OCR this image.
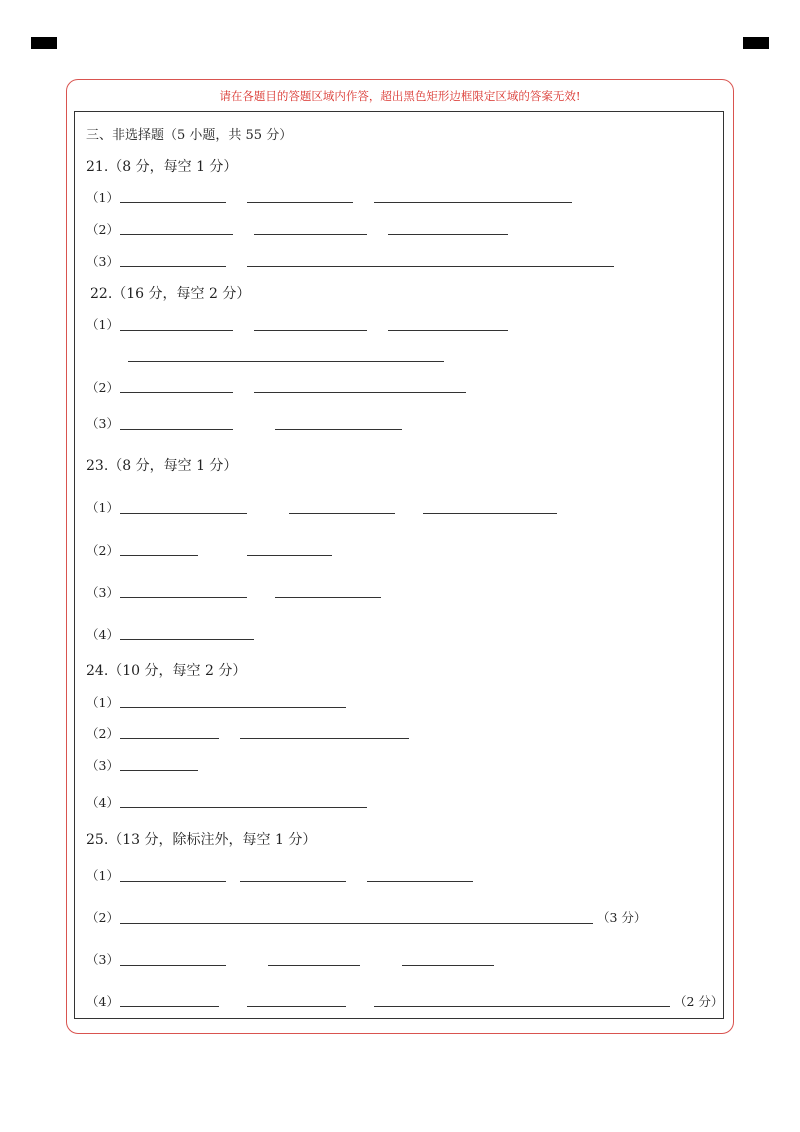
请在各题目的答题区域内作答，超出黑色矩形边框限定区域的答案无效!
三、非选择题（5 小题，共 55 分）
21.（8 分，每空 1 分）
（1）
（2）
（3）
22.（16 分，每空 2 分）
（1）
（2）
（3）
23.（8 分，每空 1 分）
（1）
（2）
（3）
（4）
24.（10 分，每空 2 分）
（1）
（2）
（3）
（4）
25.（13 分，除标注外，每空 1 分）
（1）
（2）	（3 分）
（3）
（4）	（2 分）
